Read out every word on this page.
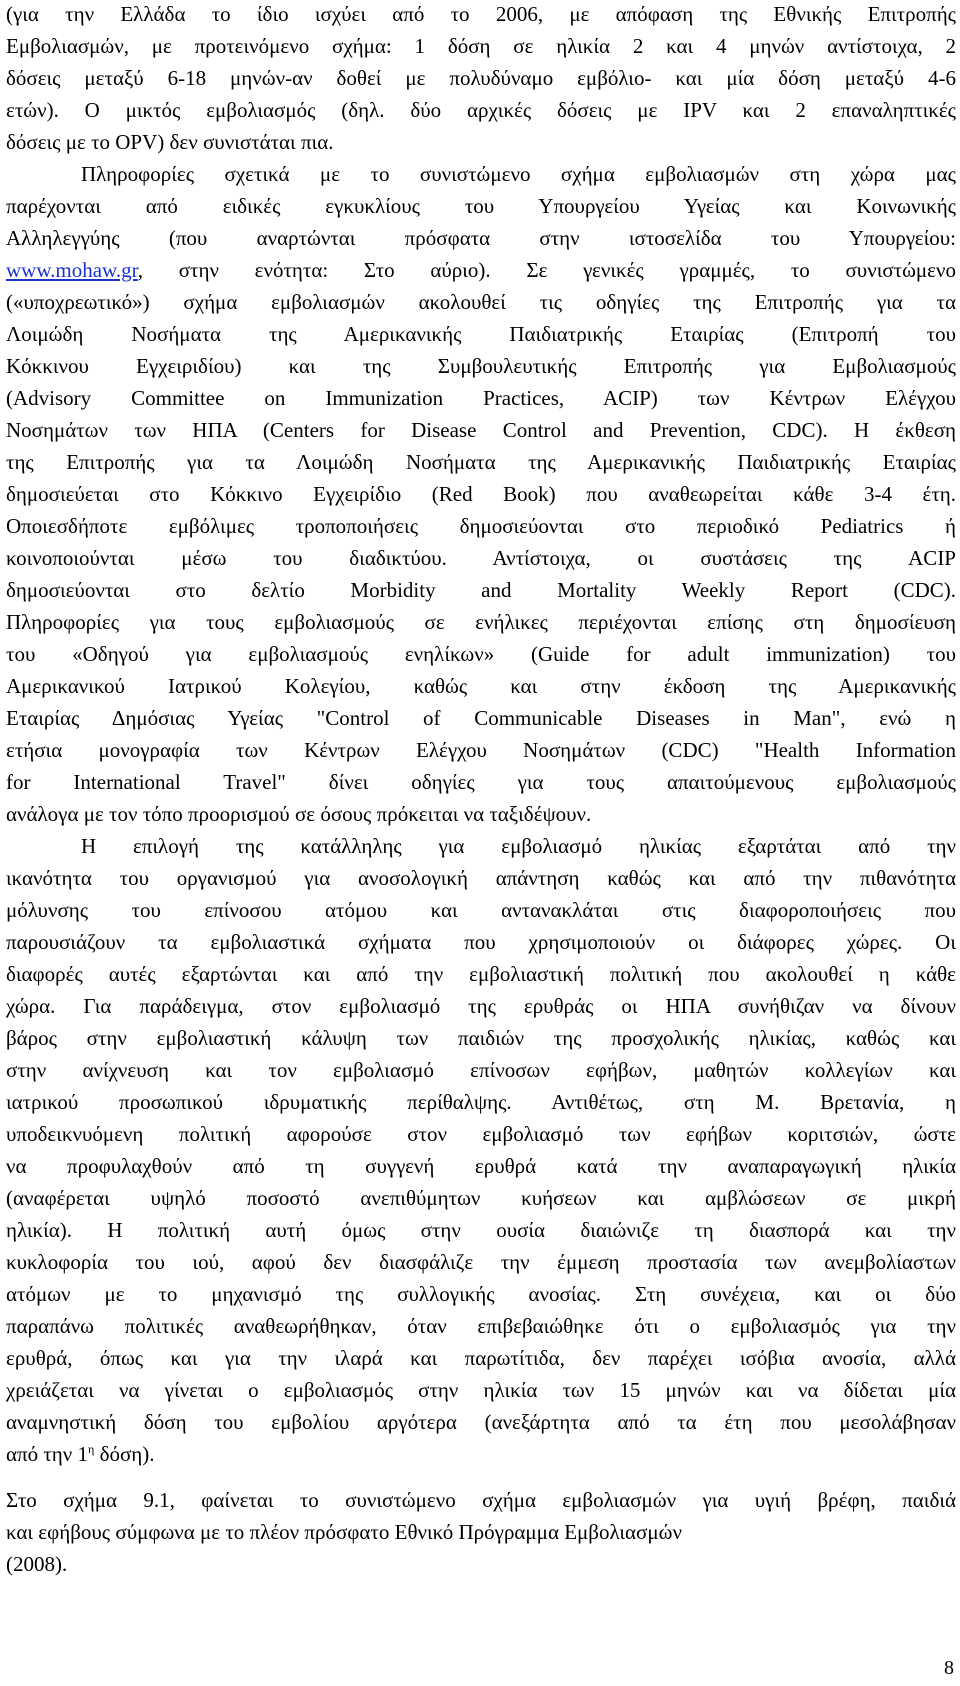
(για την Ελλάδα το ίδιο ισχύει από το 2006, με απόφαση της Εθνικής Επιτροπής
Εμβολιασμών, με προτεινόμενο σχήμα: 1 δόση σε ηλικία 2 και 4 μηνών αντίστοιχα, 2
δόσεις μεταξύ 6-18 μηνών-αν δοθεί με πολυδύναμο εμβόλιο- και μία δόση μεταξύ 4-6
ετών). Ο μικτός εμβολιασμός (δηλ. δύο αρχικές δόσεις με IPV και 2 επαναληπτικές
δόσεις με το OPV) δεν συνιστάται πια.
Πληροφορίες σχετικά με το συνιστώμενο σχήμα εμβολιασμών στη χώρα μας
παρέχονται από ειδικές εγκυκλίους του Υπουργείου Υγείας και Κοινωνικής
Αλληλεγγύης (που αναρτώνται πρόσφατα στην ιστοσελίδα του Υπουργείου:
www.mohaw.gr, στην ενότητα: Στο αύριο). Σε γενικές γραμμές, το συνιστώμενο
(«υποχρεωτικό») σχήμα εμβολιασμών ακολουθεί τις οδηγίες της Επιτροπής για τα
Λοιμώδη Νοσήματα της Αμερικανικής Παιδιατρικής Εταιρίας (Επιτροπή του
Κόκκινου Εγχειριδίου) και της Συμβουλευτικής Επιτροπής για Εμβολιασμούς
(Advisory Committee on Immunization Practices, ACIP) των Κέντρων Ελέγχου
Νοσημάτων των ΗΠΑ (Centers for Disease Control and Prevention, CDC). Η έκθεση
της Επιτροπής για τα Λοιμώδη Νοσήματα της Αμερικανικής Παιδιατρικής Εταιρίας
δημοσιεύεται στο Κόκκινο Εγχειρίδιο (Red Book) που αναθεωρείται κάθε 3-4 έτη.
Οποιεσδήποτε εμβόλιμες τροποποιήσεις δημοσιεύονται στο περιοδικό Pediatrics ή
κοινοποιούνται μέσω του διαδικτύου. Αντίστοιχα, οι συστάσεις της ACIP
δημοσιεύονται στο δελτίο Morbidity and Mortality Weekly Report (CDC).
Πληροφορίες για τους εμβολιασμούς σε ενήλικες περιέχονται επίσης στη δημοσίευση
του «Οδηγού για εμβολιασμούς ενηλίκων» (Guide for adult immunization) του
Αμερικανικού Ιατρικού Κολεγίου, καθώς και στην έκδοση της Αμερικανικής
Εταιρίας Δημόσιας Υγείας "Control of Communicable Diseases in Man", ενώ η
ετήσια μονογραφία των Κέντρων Ελέγχου Νοσημάτων (CDC) "Health Information
for International Travel" δίνει οδηγίες για τους απαιτούμενους εμβολιασμούς
ανάλογα με τον τόπο προορισμού σε όσους πρόκειται να ταξιδέψουν.
Η επιλογή της κατάλληλης για εμβολιασμό ηλικίας εξαρτάται από την
ικανότητα του οργανισμού για ανοσολογική απάντηση καθώς και από την πιθανότητα
μόλυνσης του επίνοσου ατόμου και αντανακλάται στις διαφοροποιήσεις που
παρουσιάζουν τα εμβολιαστικά σχήματα που χρησιμοποιούν οι διάφορες χώρες. Οι
διαφορές αυτές εξαρτώνται και από την εμβολιαστική πολιτική που ακολουθεί η κάθε
χώρα. Για παράδειγμα, στον εμβολιασμό της ερυθράς οι ΗΠΑ συνήθιζαν να δίνουν
βάρος στην εμβολιαστική κάλυψη των παιδιών της προσχολικής ηλικίας, καθώς και
στην ανίχνευση και τον εμβολιασμό επίνοσων εφήβων, μαθητών κολλεγίων και
ιατρικού προσωπικού ιδρυματικής περίθαλψης. Αντιθέτως, στη Μ. Βρετανία, η
υποδεικνυόμενη πολιτική αφορούσε στον εμβολιασμό των εφήβων κοριτσιών, ώστε
να προφυλαχθούν από τη συγγενή ερυθρά κατά την αναπαραγωγική ηλικία
(αναφέρεται υψηλό ποσοστό ανεπιθύμητων κυήσεων και αμβλώσεων σε μικρή
ηλικία). Η πολιτική αυτή όμως στην ουσία διαιώνιζε τη διασπορά και την
κυκλοφορία του ιού, αφού δεν διασφάλιζε την έμμεση προστασία των ανεμβολίαστων
ατόμων με το μηχανισμό της συλλογικής ανοσίας. Στη συνέχεια, και οι δύο
παραπάνω πολιτικές αναθεωρήθηκαν, όταν επιβεβαιώθηκε ότι ο εμβολιασμός για την
ερυθρά, όπως και για την ιλαρά και παρωτίτιδα, δεν παρέχει ισόβια ανοσία, αλλά
χρειάζεται να γίνεται ο εμβολιασμός στην ηλικία των 15 μηνών και να δίδεται μία
αναμνηστική δόση του εμβολίου αργότερα (ανεξάρτητα από τα έτη που μεσολάβησαν
από την $1^\eta$ δόση).
Στο σχήμα 9.1, φαίνεται το συνιστώμενο σχήμα εμβολιασμών για υγιή βρέφη, παιδιά
και εφήβους σύμφωνα με το πλέον πρόσφατο Εθνικό Πρόγραμμα Εμβολιασμών
(2008).
8
